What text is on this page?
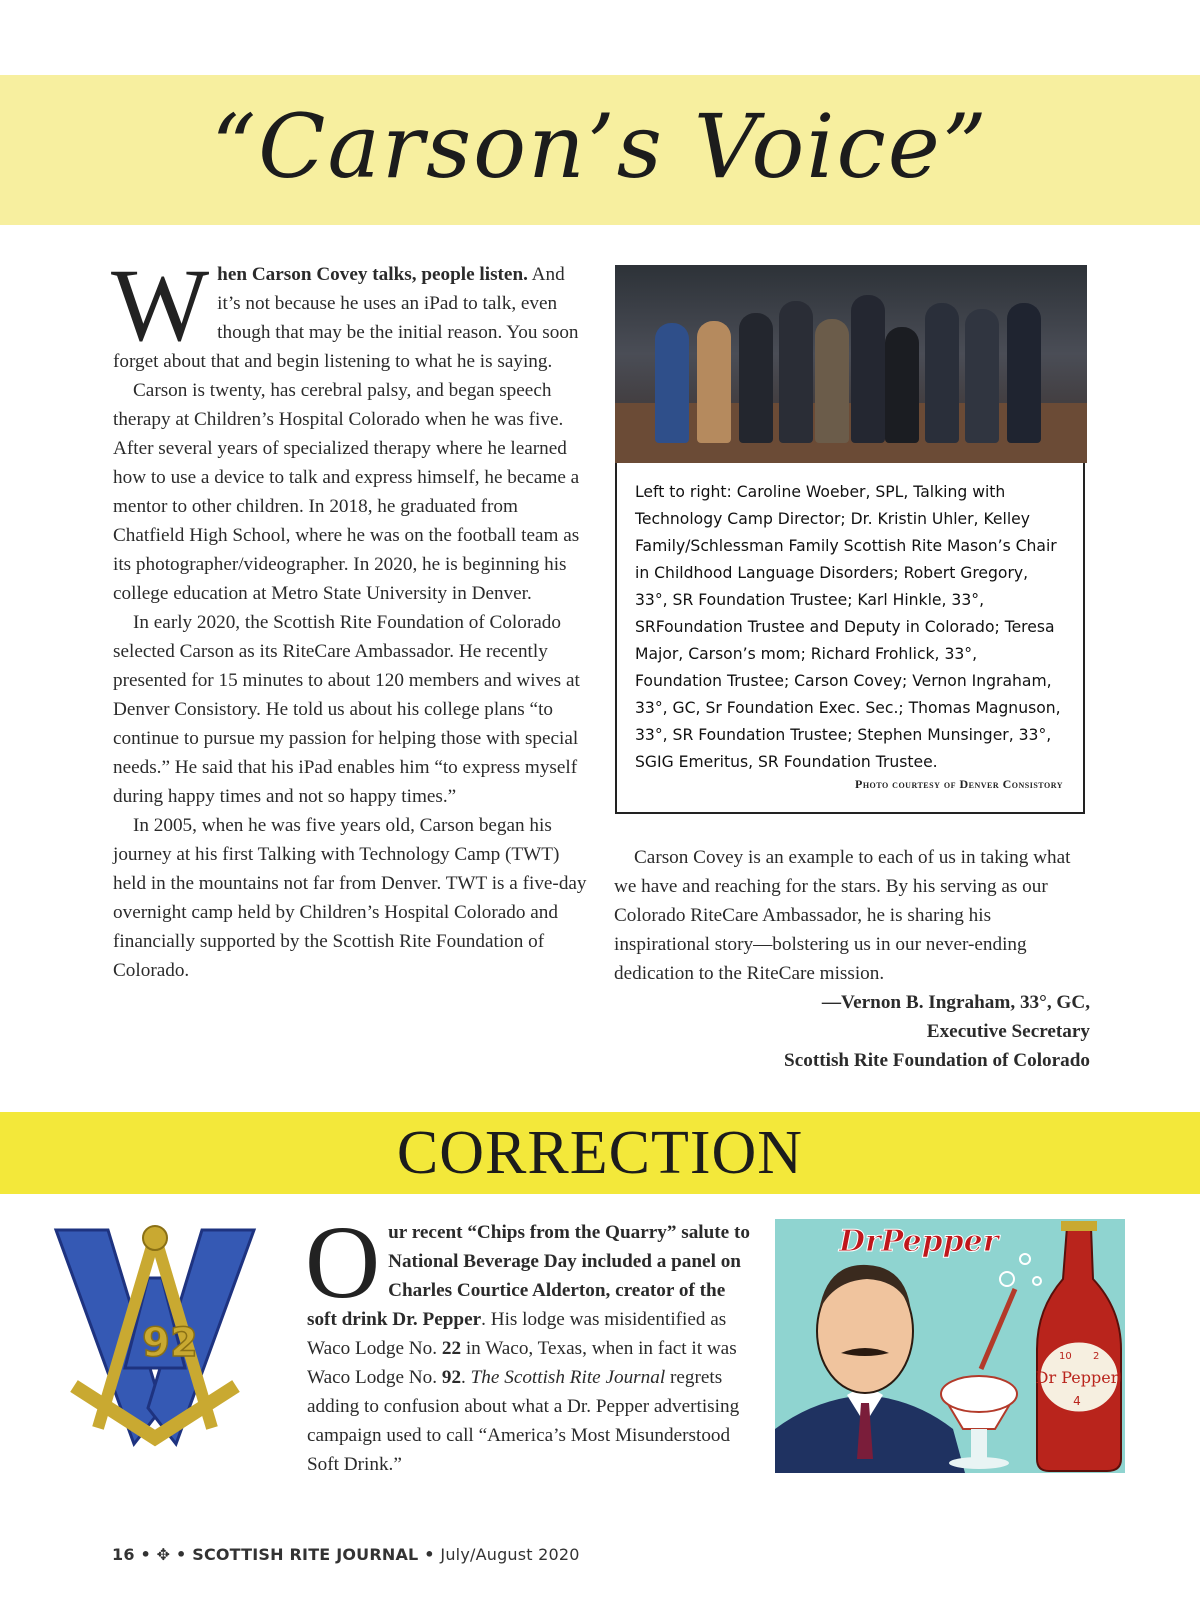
“Carson’s Voice”

When Carson Covey talks, people listen. And it’s not because he uses an iPad to talk, even though that may be the initial reason. You soon forget about that and begin listening to what he is saying.

Carson is twenty, has cerebral palsy, and began speech therapy at Children’s Hospital Colorado when he was five. After several years of specialized therapy where he learned how to use a device to talk and express himself, he became a mentor to other children. In 2018, he graduated from Chatfield High School, where he was on the football team as its photographer/videographer. In 2020, he is beginning his college education at Metro State University in Denver.

In early 2020, the Scottish Rite Foundation of Colorado selected Carson as its RiteCare Ambassador. He recently presented for 15 minutes to about 120 members and wives at Denver Consistory. He told us about his college plans “to continue to pursue my passion for helping those with special needs.” He said that his iPad enables him “to express myself during happy times and not so happy times.”

In 2005, when he was five years old, Carson began his journey at his first Talking with Technology Camp (TWT) held in the mountains not far from Denver. TWT is a five-day overnight camp held by Children’s Hospital Colorado and financially supported by the Scottish Rite Foundation of Colorado.

Left to right: Caroline Woeber, SPL, Talking with Technology Camp Director; Dr. Kristin Uhler, Kelley Family/Schlessman Family Scottish Rite Mason’s Chair in Childhood Language Disorders; Robert Gregory, 33°, SR Foundation Trustee; Karl Hinkle, 33°, SRFoundation Trustee and Deputy in Colorado; Teresa Major, Carson’s mom; Richard Frohlick, 33°, Foundation Trustee; Carson Covey; Vernon Ingraham, 33°, GC, Sr Foundation Exec. Sec.; Thomas Magnuson, 33°, SR Foundation Trustee; Stephen Munsinger, 33°, SGIG Emeritus, SR Foundation Trustee.
Photo courtesy of Denver Consistory

Carson Covey is an example to each of us in taking what we have and reaching for the stars. By his serving as our Colorado RiteCare Ambassador, he is sharing his inspirational story—bolstering us in our never-ending dedication to the RiteCare mission.

—Vernon B. Ingraham, 33°, GC,
Executive Secretary
Scottish Rite Foundation of Colorado
CORRECTION
92
Our recent “Chips from the Quarry” salute to National Beverage Day included a panel on Charles Courtice Alderton, creator of the soft drink Dr. Pepper. His lodge was misidentified as Waco Lodge No. 22 in Waco, Texas, when in fact it was Waco Lodge No. 92. The Scottish Rite Journal regrets adding to confusion about what a Dr. Pepper advertising campaign used to call “America’s Most Misunderstood Soft Drink.”
DrPepper
Dr Pepper
10 2
4
16 • ✥ • SCOTTISH RITE JOURNAL • July/August 2020
